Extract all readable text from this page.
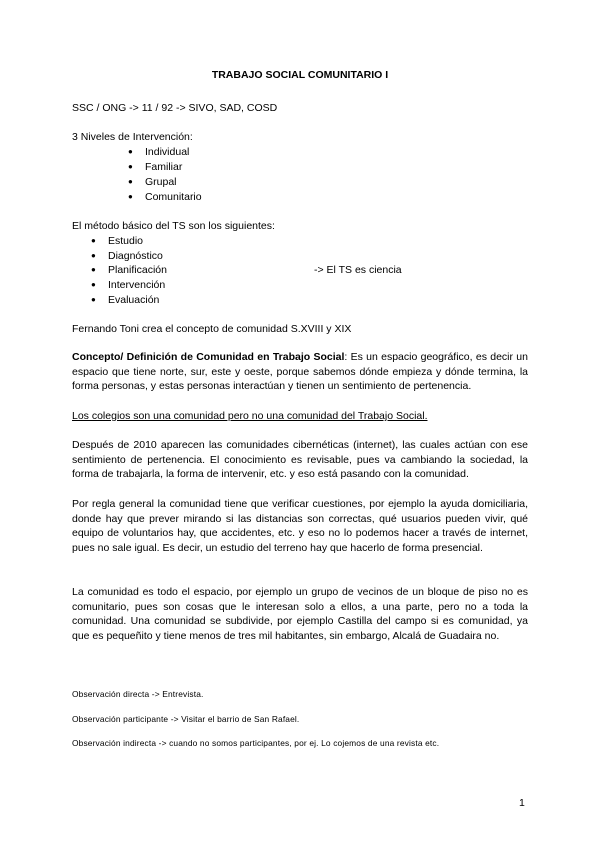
TRABAJO SOCIAL COMUNITARIO I
SSC / ONG -> 11 / 92 -> SIVO, SAD, COSD
3 Niveles de Intervención:
● Individual
● Familiar
● Grupal
● Comunitario
El método básico del TS son los siguientes:
● Estudio
● Diagnóstico
● Planificación	-> El TS es ciencia
● Intervención
● Evaluación
Fernando Toni crea el concepto de comunidad S.XVIII y XIX
Concepto/ Definición de Comunidad en Trabajo Social: Es un espacio geográfico, es decir un espacio que tiene norte, sur, este y oeste, porque sabemos dónde empieza y dónde termina, la forma personas, y estas personas interactúan y tienen un sentimiento de pertenencia.
Los colegios son una comunidad pero no una comunidad del Trabajo Social.
Después de 2010 aparecen las comunidades cibernéticas (internet), las cuales actúan con ese sentimiento de pertenencia. El conocimiento es revisable, pues va cambiando la sociedad, la forma de trabajarla, la forma de intervenir, etc. y eso está pasando con la comunidad.
Por regla general la comunidad tiene que verificar cuestiones, por ejemplo la ayuda domiciliaria, donde hay que prever mirando si las distancias son correctas, qué usuarios pueden vivir, qué equipo de voluntarios hay, que accidentes, etc. y eso no lo podemos hacer a través de internet, pues no sale igual. Es decir, un estudio del terreno hay que hacerlo de forma presencial.
La comunidad es todo el espacio, por ejemplo un grupo de vecinos de un bloque de piso no es comunitario, pues son cosas que le interesan solo a ellos, a una parte, pero no a toda la comunidad. Una comunidad se subdivide, por ejemplo Castilla del campo si es comunidad, ya que es pequeñito y tiene menos de tres mil habitantes, sin embargo, Alcalá de Guadaira no.
Observación directa -> Entrevista.
Observación participante -> Visitar el barrio de San Rafael.
Observación indirecta -> cuando no somos participantes, por ej. Lo cojemos de una revista etc.
1
